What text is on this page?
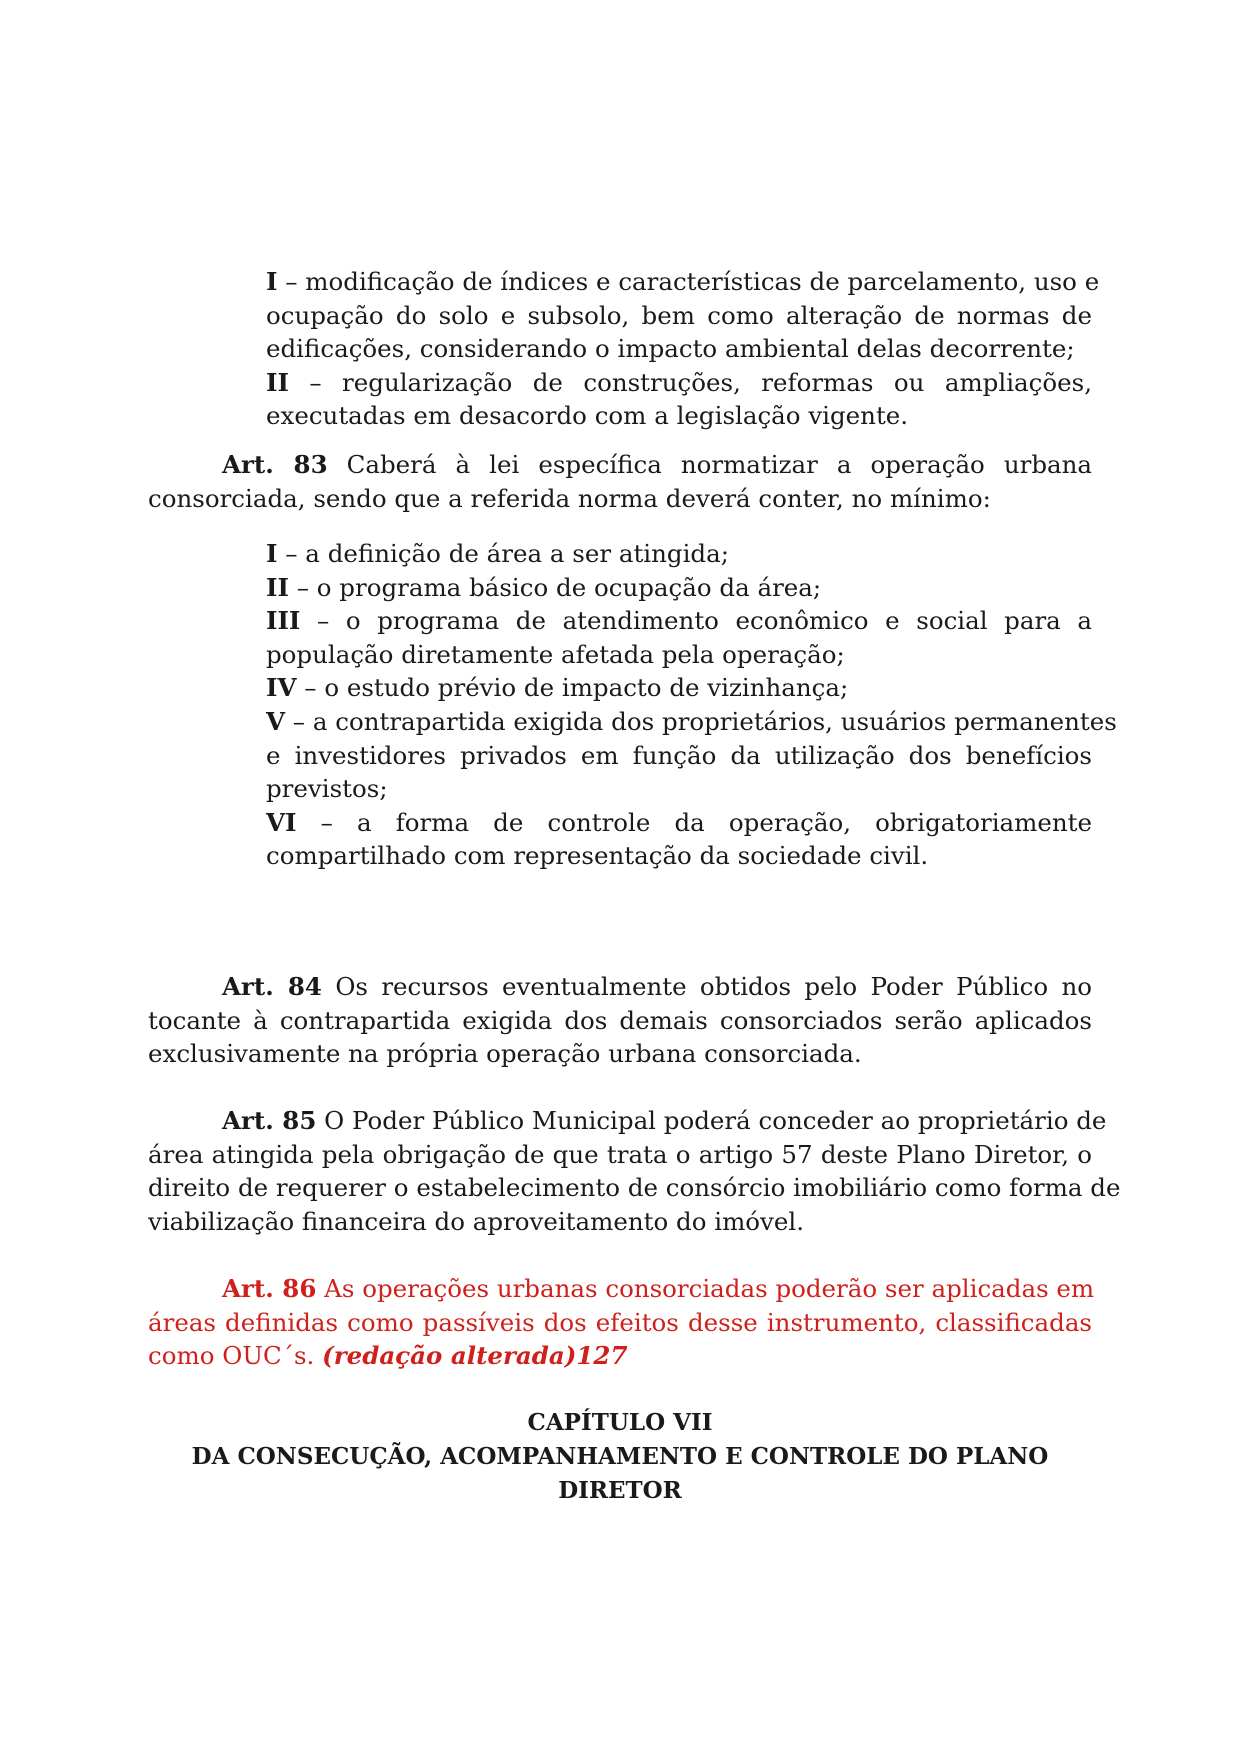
I – modificação de índices e características de parcelamento, uso e
ocupação do solo e subsolo, bem como alteração de normas de
edificações, considerando o impacto ambiental delas decorrente;
II – regularização de construções, reformas ou ampliações,
executadas em desacordo com a legislação vigente.
Art. 83 Caberá à lei específica normatizar a operação urbana
consorciada, sendo que a referida norma deverá conter, no mínimo:
I – a definição de área a ser atingida;
II – o programa básico de ocupação da área;
III – o programa de atendimento econômico e social para a
população diretamente afetada pela operação;
IV – o estudo prévio de impacto de vizinhança;
V – a contrapartida exigida dos proprietários, usuários permanentes
e investidores privados em função da utilização dos benefícios
previstos;
VI – a forma de controle da operação, obrigatoriamente
compartilhado com representação da sociedade civil.
Art. 84 Os recursos eventualmente obtidos pelo Poder Público no
tocante à contrapartida exigida dos demais consorciados serão aplicados
exclusivamente na própria operação urbana consorciada.
Art. 85 O Poder Público Municipal poderá conceder ao proprietário de
área atingida pela obrigação de que trata o artigo 57 deste Plano Diretor, o
direito de requerer o estabelecimento de consórcio imobiliário como forma de
viabilização financeira do aproveitamento do imóvel.
Art. 86 As operações urbanas consorciadas poderão ser aplicadas em
áreas definidas como passíveis dos efeitos desse instrumento, classificadas
como OUC´s. (redação alterada)127
CAPÍTULO VII
DA CONSECUÇÃO, ACOMPANHAMENTO E CONTROLE DO PLANO
DIRETOR
